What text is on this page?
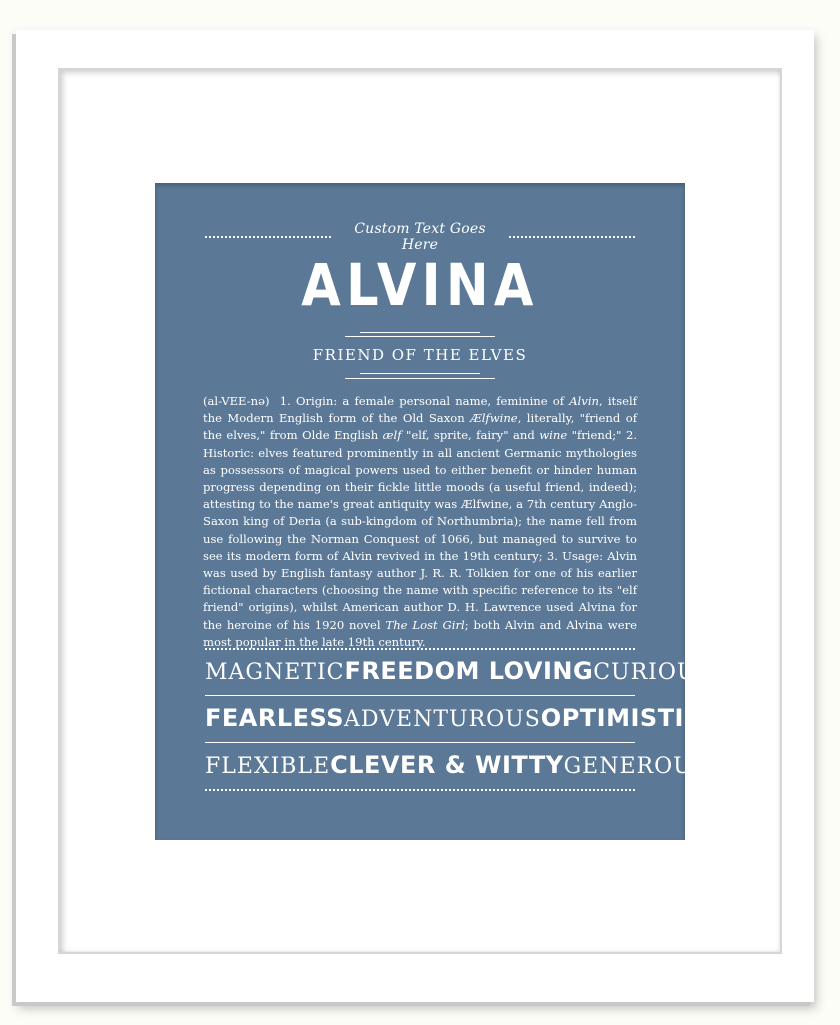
Custom Text Goes Here
ALVINA
FRIEND OF THE ELVES
(al-VEE-nə) 1. Origin: a female personal name, feminine of Alvin, itself the Modern English form of the Old Saxon Ælfwine, literally, "friend of the elves," from Olde English ælf "elf, sprite, fairy" and wine "friend;" 2. Historic: elves featured prominently in all ancient Germanic mythologies as possessors of magical powers used to either benefit or hinder human progress depending on their fickle little moods (a useful friend, indeed); attesting to the name's great antiquity was Ælfwine, a 7th century Anglo-Saxon king of Deria (a sub-kingdom of Northumbria); the name fell from use following the Norman Conquest of 1066, but managed to survive to see its modern form of Alvin revived in the 19th century; 3. Usage: Alvin was used by English fantasy author J. R. R. Tolkien for one of his earlier fictional characters (choosing the name with specific reference to its "elf friend" origins), whilst American author D. H. Lawrence used Alvina for the heroine of his 1920 novel The Lost Girl; both Alvin and Alvina were most popular in the late 19th century.
MAGNETIC FREEDOM LOVING CURIOUS
FEARLESS ADVENTUROUS OPTIMISTIC
FLEXIBLE CLEVER & WITTY GENEROUS
